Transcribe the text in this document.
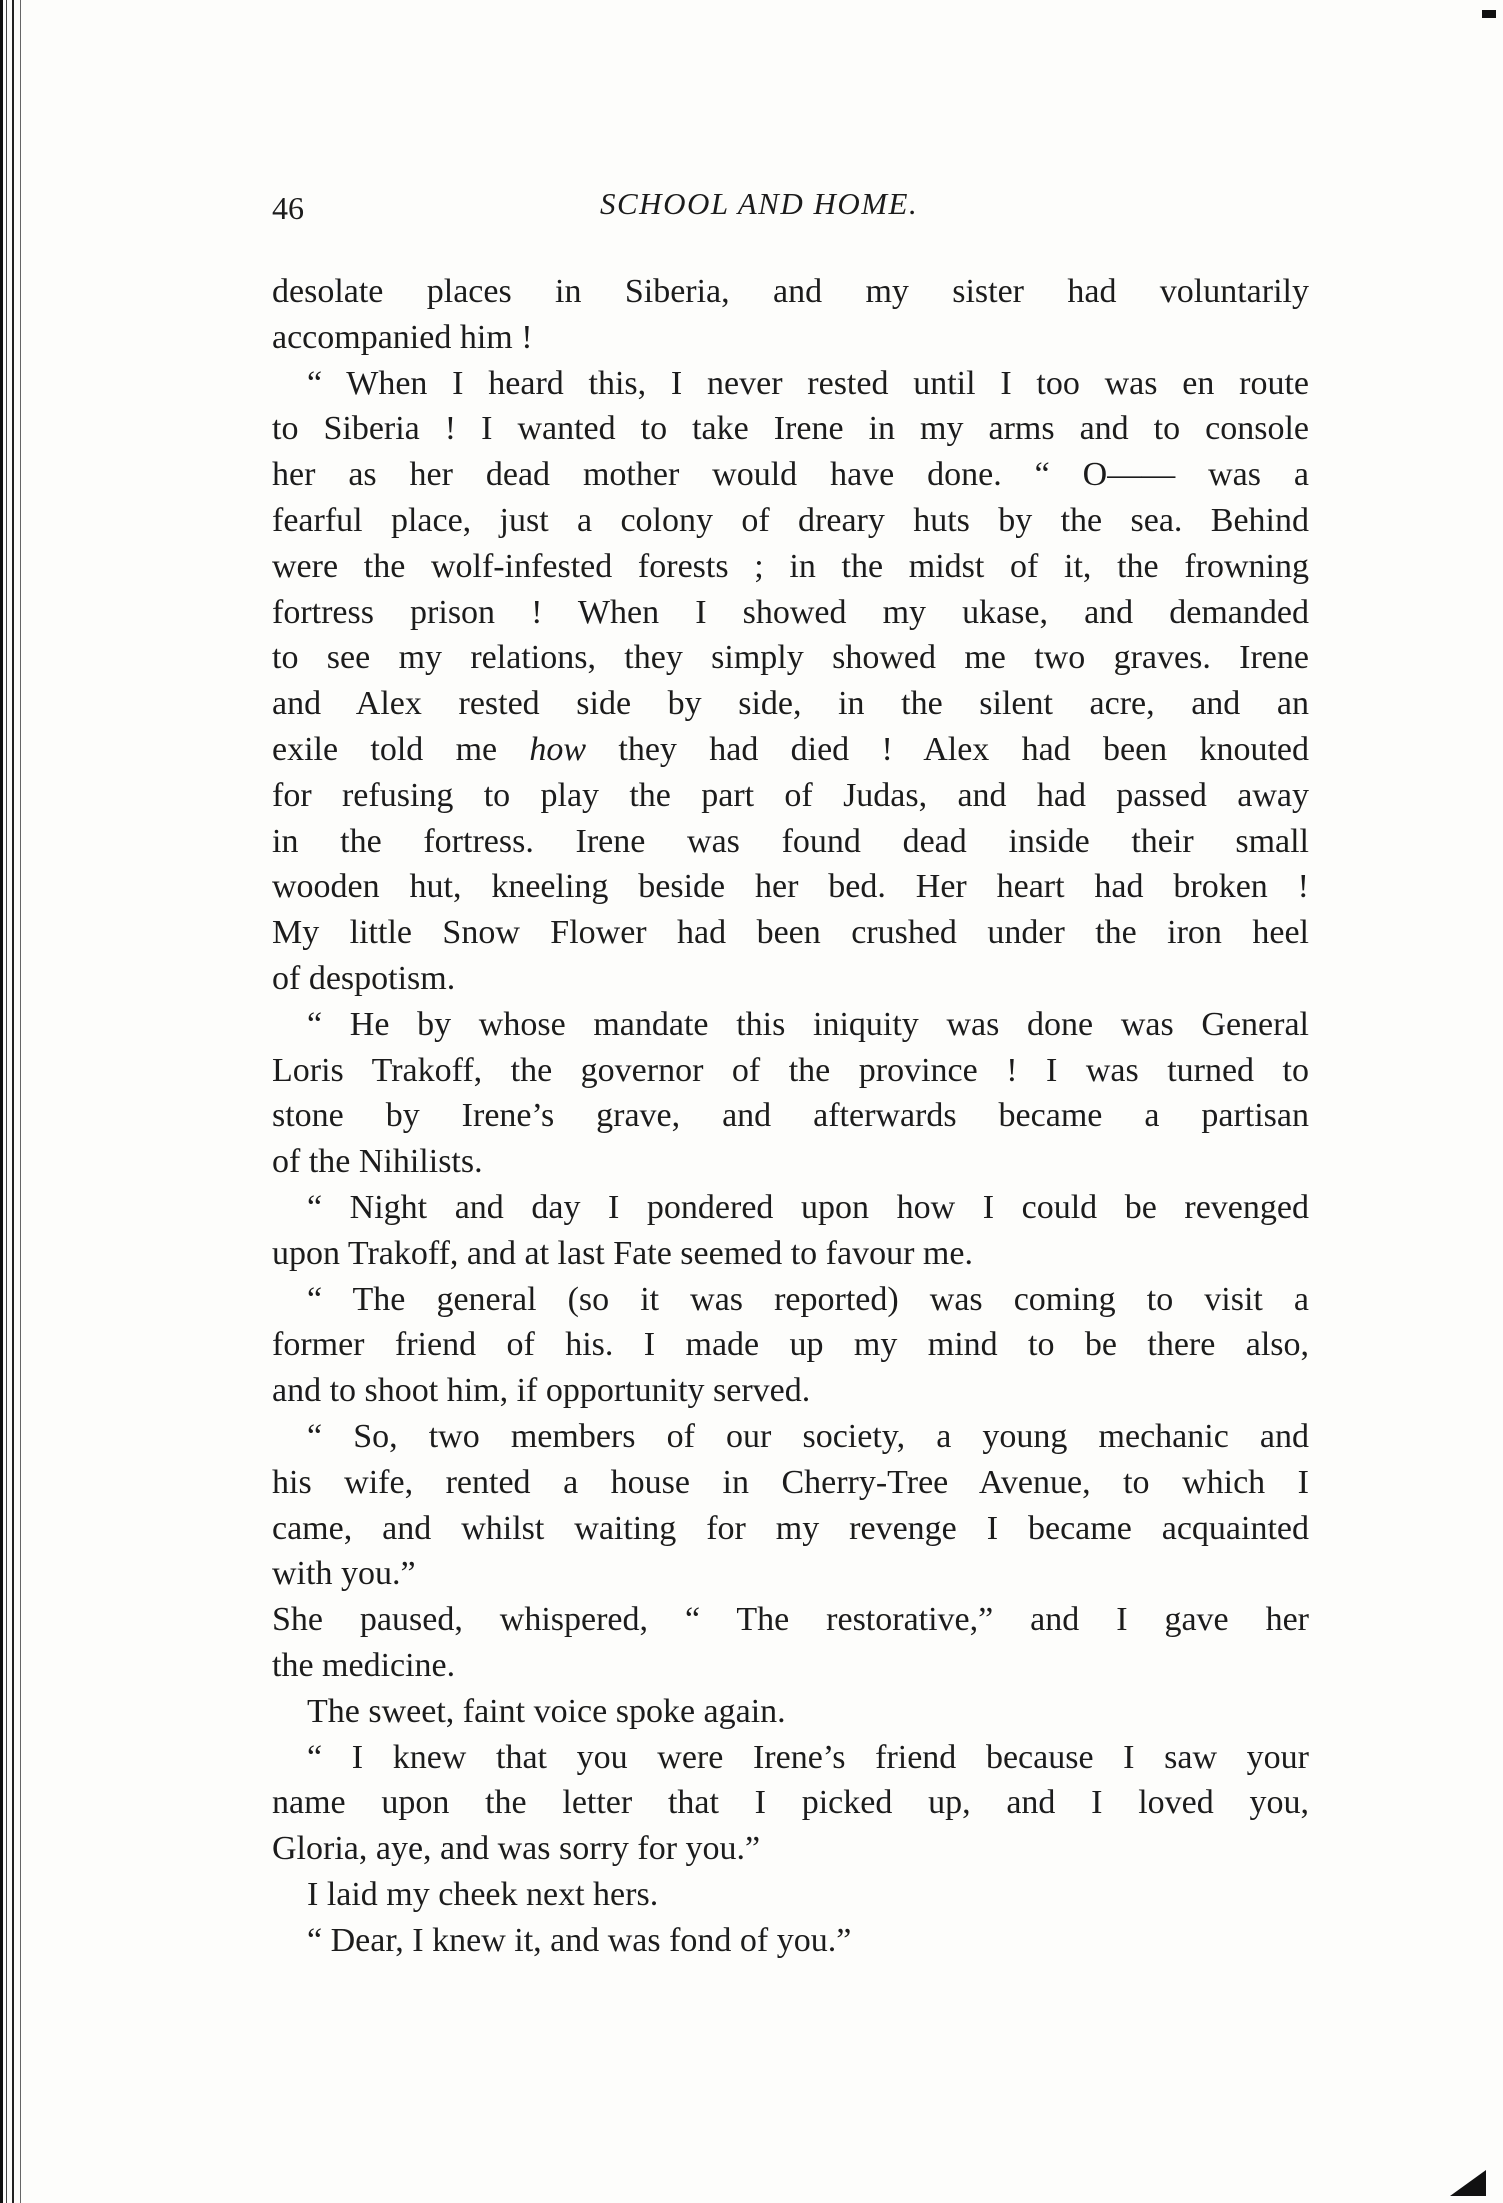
46	SCHOOL AND HOME.
desolate places in Siberia, and my sister had voluntarily
accompanied him !
“ When I heard this, I never rested until I too was en route
to Siberia ! I wanted to take Irene in my arms and to console
her as her dead mother would have done. “ O—— was a
fearful place, just a colony of dreary huts by the sea. Behind
were the wolf-infested forests ; in the midst of it, the frowning
fortress prison ! When I showed my ukase, and demanded
to see my relations, they simply showed me two graves. Irene
and Alex rested side by side, in the silent acre, and an
exile told me how they had died ! Alex had been knouted
for refusing to play the part of Judas, and had passed away
in the fortress. Irene was found dead inside their small
wooden hut, kneeling beside her bed. Her heart had broken !
My little Snow Flower had been crushed under the iron heel
of despotism.
“ He by whose mandate this iniquity was done was General
Loris Trakoff, the governor of the province ! I was turned to
stone by Irene’s grave, and afterwards became a partisan
of the Nihilists.
“ Night and day I pondered upon how I could be revenged
upon Trakoff, and at last Fate seemed to favour me.
“ The general (so it was reported) was coming to visit a
former friend of his. I made up my mind to be there also,
and to shoot him, if opportunity served.
“ So, two members of our society, a young mechanic and
his wife, rented a house in Cherry-Tree Avenue, to which I
came, and whilst waiting for my revenge I became acquainted
with you.”
She paused, whispered, “ The restorative,” and I gave her
the medicine.
The sweet, faint voice spoke again.
“ I knew that you were Irene’s friend because I saw your
name upon the letter that I picked up, and I loved you,
Gloria, aye, and was sorry for you.”
I laid my cheek next hers.
“ Dear, I knew it, and was fond of you.”
